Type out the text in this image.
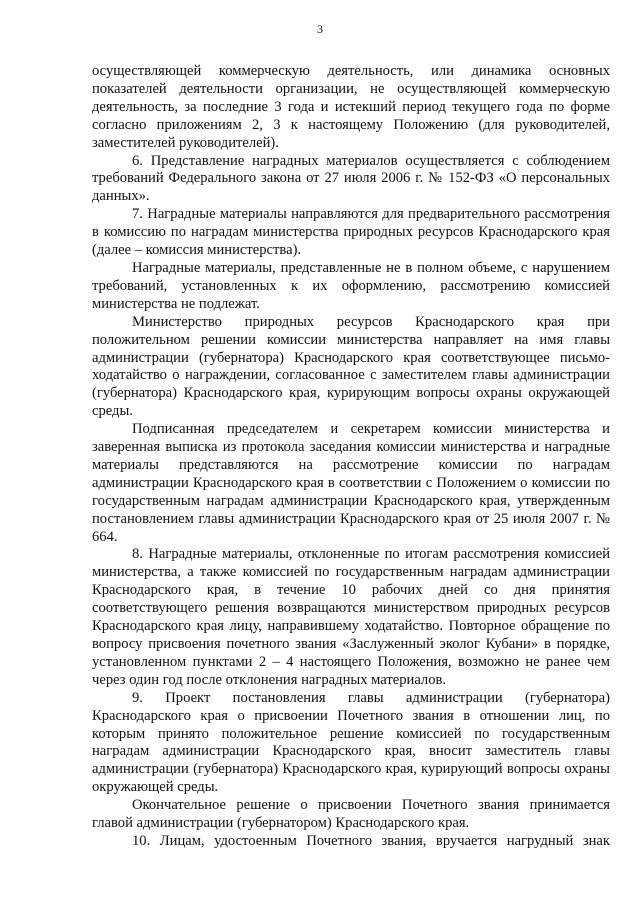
3

осуществляющей коммерческую деятельность, или динамика основных показателей деятельности организации, не осуществляющей коммерческую деятельность, за последние 3 года и истекший период текущего года по форме согласно приложениям 2, 3 к настоящему Положению (для руководителей, заместителей руководителей).

6. Представление наградных материалов осуществляется с соблюдением требований Федерального закона от 27 июля 2006 г. № 152-ФЗ «О персональных данных».

7. Наградные материалы направляются для предварительного рассмотрения в комиссию по наградам министерства природных ресурсов Краснодарского края (далее – комиссия министерства).

Наградные материалы, представленные не в полном объеме, с нарушением требований, установленных к их оформлению, рассмотрению комиссией министерства не подлежат.

Министерство природных ресурсов Краснодарского края при положительном решении комиссии министерства направляет на имя главы администрации (губернатора) Краснодарского края соответствующее письмо-ходатайство о награждении, согласованное с заместителем главы администрации (губернатора) Краснодарского края, курирующим вопросы охраны окружающей среды.

Подписанная председателем и секретарем комиссии министерства и заверенная выписка из протокола заседания комиссии министерства и наградные материалы представляются на рассмотрение комиссии по наградам администрации Краснодарского края в соответствии с Положением о комиссии по государственным наградам администрации Краснодарского края, утвержденным постановлением главы администрации Краснодарского края от 25 июля 2007 г. № 664.

8. Наградные материалы, отклоненные по итогам рассмотрения комиссией министерства, а также комиссией по государственным наградам администрации Краснодарского края, в течение 10 рабочих дней со дня принятия соответствующего решения возвращаются министерством природных ресурсов Краснодарского края лицу, направившему ходатайство. Повторное обращение по вопросу присвоения почетного звания «Заслуженный эколог Кубани» в порядке, установленном пунктами 2 – 4 настоящего Положения, возможно не ранее чем через один год после отклонения наградных материалов.

9. Проект постановления главы администрации (губернатора) Краснодарского края о присвоении Почетного звания в отношении лиц, по которым принято положительное решение комиссией по государственным наградам администрации Краснодарского края, вносит заместитель главы администрации (губернатора) Краснодарского края, курирующий вопросы охраны окружающей среды.

Окончательное решение о присвоении Почетного звания принимается главой администрации (губернатором) Краснодарского края.

10. Лицам, удостоенным Почетного звания, вручается нагрудный знак
